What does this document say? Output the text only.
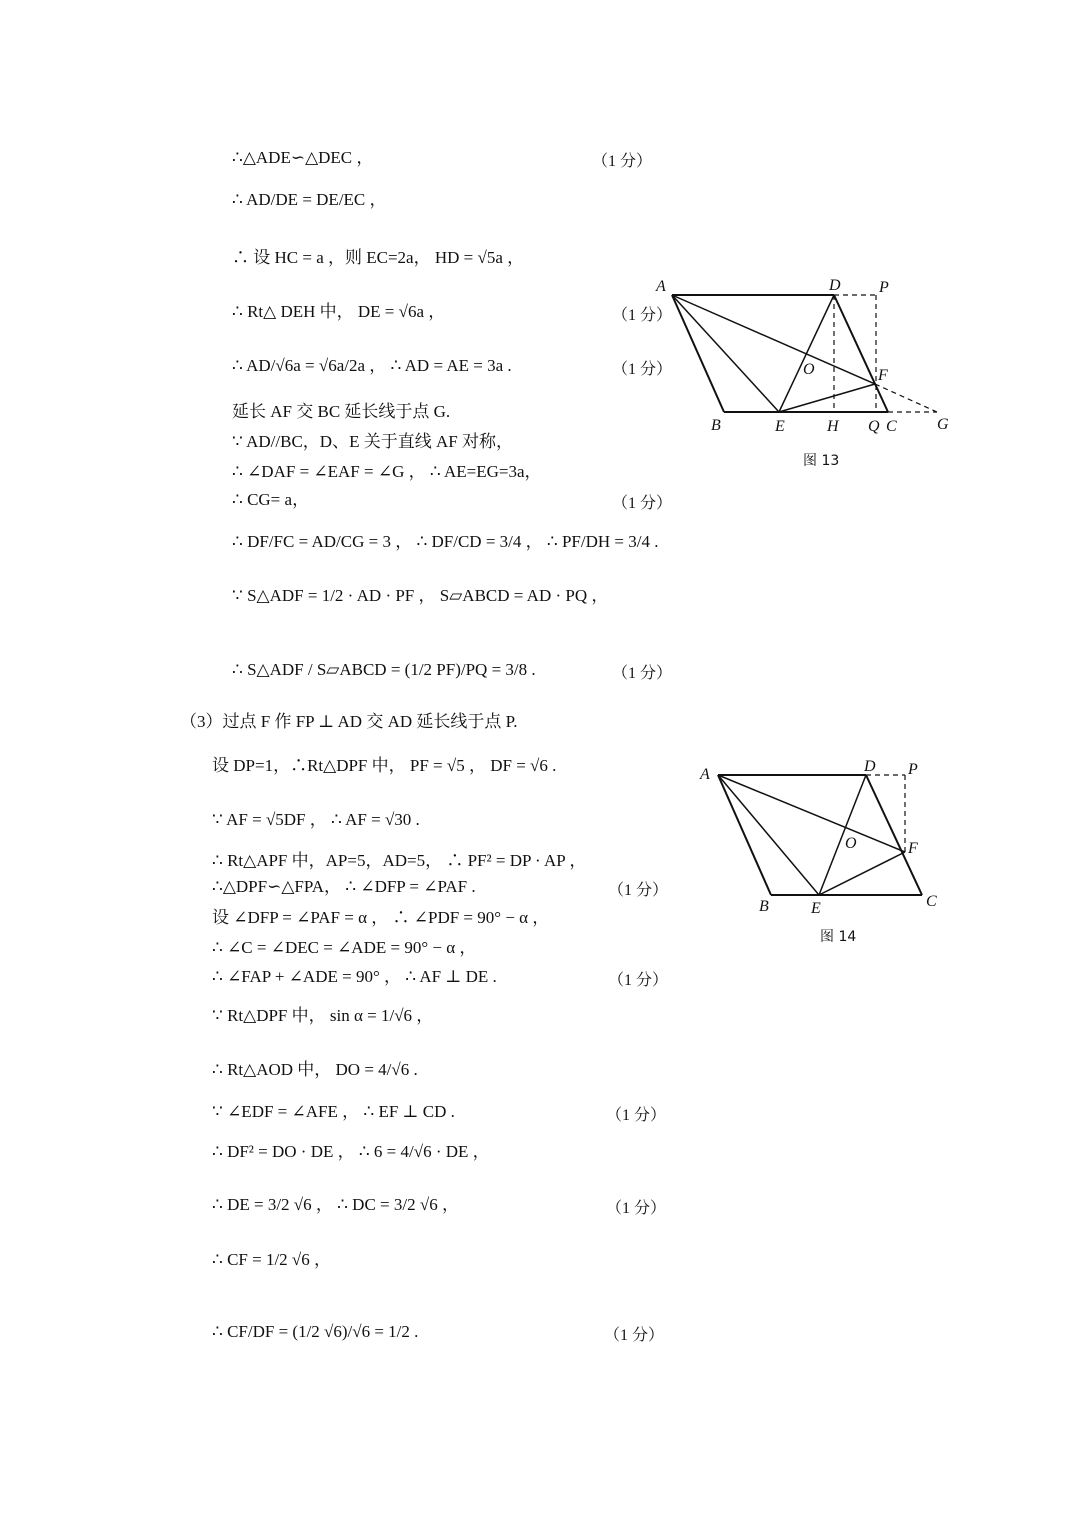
∴△ADE∽△DEC ，	（1 分）
∴ AD/DE = DE/EC ，
∴ 设 HC = a ，则 EC=2a， HD = √5a ，
∴ Rt△ DEH 中， DE = √6a ，	（1 分）
∴ AD/√6a = √6a/2a ， ∴ AD = AE = 3a .	（1 分）
延长 AF 交 BC 延长线于点 G.
∵ AD//BC，D、E 关于直线 AF 对称，
∴ ∠DAF = ∠EAF = ∠G ， ∴ AE=EG=3a，
∴ CG= a，	（1 分）
∴ DF/FC = AD/CG = 3 ， ∴ DF/CD = 3/4 ， ∴ PF/DH = 3/4 .
∵ S△ADF = 1/2 · AD · PF ， S▱ABCD = AD · PQ ，
∴ S△ADF / S▱ABCD = (1/2 PF)/PQ = 3/8 .	（1 分）
（3）过点 F 作 FP ⊥ AD 交 AD 延长线于点 P.
设 DP=1，∴Rt△DPF 中， PF = √5 ， DF = √6 .
∵ AF = √5DF ， ∴ AF = √30 .
∴ Rt△APF 中，AP=5，AD=5， ∴ PF² = DP · AP ，
∴△DPF∽△FPA， ∴ ∠DFP = ∠PAF .	（1 分）
设 ∠DFP = ∠PAF = α ， ∴ ∠PDF = 90° − α ，
∴ ∠C = ∠DEC = ∠ADE = 90° − α ，
∴ ∠FAP + ∠ADE = 90° ， ∴ AF ⊥ DE .	（1 分）
∵ Rt△DPF 中， sin α = 1/√6 ，
∴ Rt△AOD 中， DO = 4/√6 .
∵ ∠EDF = ∠AFE ， ∴ EF ⊥ CD .	（1 分）
∴ DF² = DO · DE ， ∴ 6 = 4/√6 · DE ，
∴ DE = 3/2 √6 ， ∴ DC = 3/2 √6 ，	（1 分）
∴ CF = 1/2 √6 ，
∴ CF/DF = (1/2 √6)/√6 = 1/2 .	（1 分）
A	D P
O	F
B	E	H Q C	G
图 13
A	D P
O	F
B	E	C
图 14
